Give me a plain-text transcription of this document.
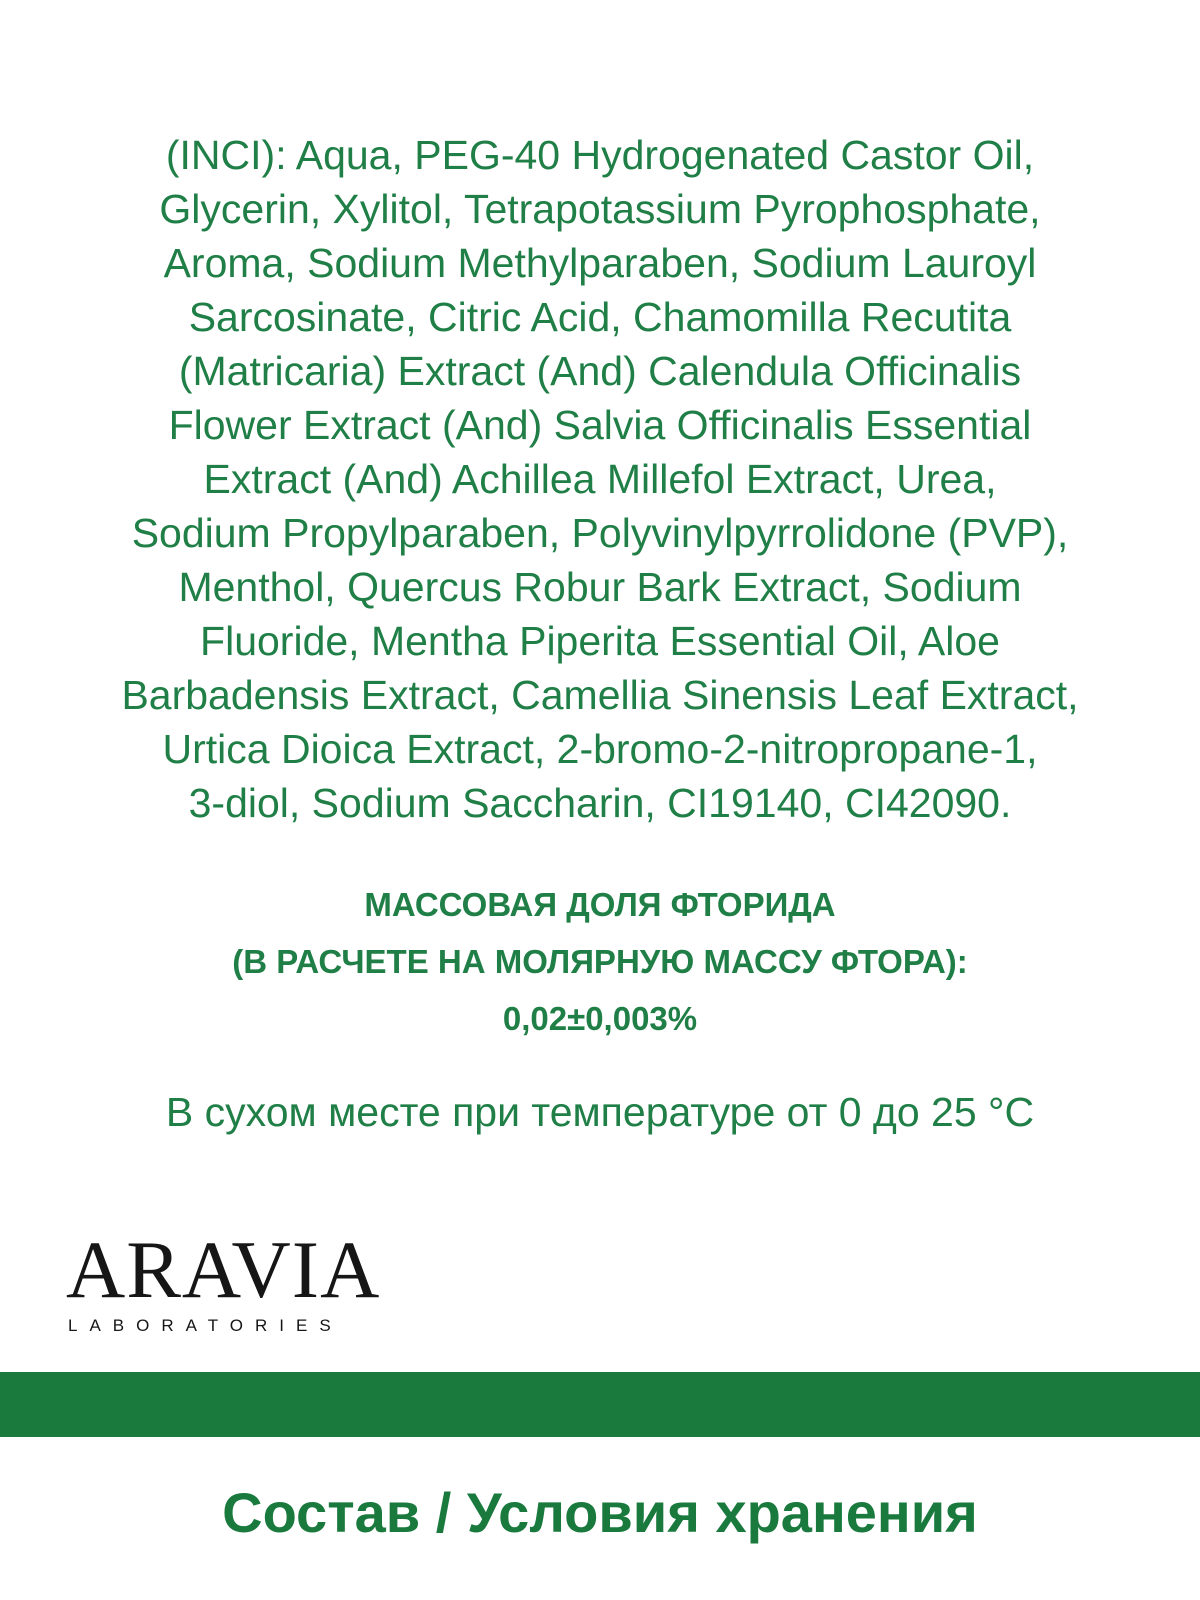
(INCI): Aqua, PEG-40 Hydrogenated Castor Oil,
Glycerin, Xylitol, Tetrapotassium Pyrophosphate,
Aroma, Sodium Methylparaben, Sodium Lauroyl
Sarcosinate, Citric Acid, Chamomilla Recutita
(Matricaria) Extract (And) Calendula Officinalis
Flower Extract (And) Salvia Officinalis Essential
Extract (And) Achillea Millefol Extract, Urea,
Sodium Propylparaben, Polyvinylpyrrolidone (PVP),
Menthol, Quercus Robur Bark Extract, Sodium
Fluoride, Mentha Piperita Essential Oil, Aloe
Barbadensis Extract, Camellia Sinensis Leaf Extract,
Urtica Dioica Extract, 2-bromo-2-nitropropane-1,
3-diol, Sodium Saccharin, CI19140, CI42090.
МАССОВАЯ ДОЛЯ ФТОРИДА
(В РАСЧЕТЕ НА МОЛЯРНУЮ МАССУ ФТОРА):
0,02±0,003%
В сухом месте при температуре от 0 до 25 °С
ARAVIA
LABORATORIES
Состав / Условия хранения
